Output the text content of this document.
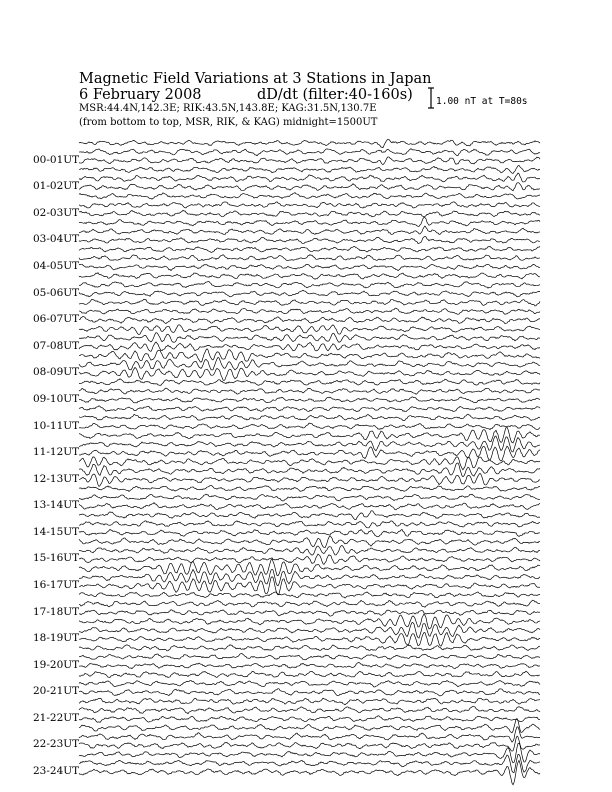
Magnetic Field Variations at 3 Stations in Japan
6 February 2008	dD/dt (filter:40-160s)
MSR:44.4N,142.3E; RIK:43.5N,143.8E; KAG:31.5N,130.7E
(from bottom to top, MSR, RIK, & KAG) midnight=1500UT
1.00 nT at T=80s
00-01UT
01-02UT
02-03UT
03-04UT
04-05UT
05-06UT
06-07UT
07-08UT
08-09UT
09-10UT
10-11UT
11-12UT
12-13UT
13-14UT
14-15UT
15-16UT
16-17UT
17-18UT
18-19UT
19-20UT
20-21UT
21-22UT
22-23UT
23-24UT
